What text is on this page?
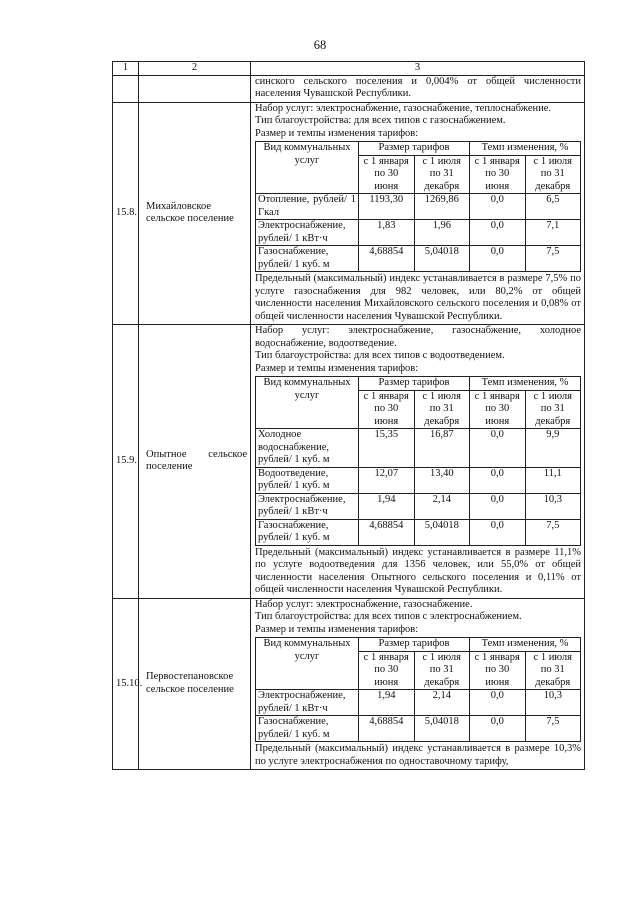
68
1	2	3

синского сельского поселения и 0,004% от общей численности
населения Чувашской Республики.

15.8.	Михайловское сельское поселение	
Набор услуг: электроснабжение, газоснабжение, теплоснабжение.
Тип благоустройства: для всех типов с газоснабжением.
Размер и темпы изменения тарифов:
Вид коммунальных услуг	Размер тарифов	Темп изменения, %
с 1 января по 30 июня	с 1 июля по 31 декабря	с 1 января по 30 июня	с 1 июля по 31 декабря
Отопление, рублей/ 1 Гкал	1193,30	1269,86	0,0	6,5
Электроснабжение, рублей/ 1 кВт·ч	1,83	1,96	0,0	7,1
Газоснабжение, рублей/ 1 куб. м	4,68854	5,04018	0,0	7,5
Предельный (максимальный) индекс устанавливается в размере 7,5% по услуге газоснабжения для 982 человек, или 80,2% от общей численности населения Михайловского сельского поселения и 0,08% от общей численности населения Чувашской Республики.

15.9.	Опытное сельское поселение	
Набор услуг: электроснабжение, газоснабжение, холодное водоснабжение, водоотведение.
Тип благоустройства: для всех типов с водоотведением.
Размер и темпы изменения тарифов:
Вид коммунальных услуг	Размер тарифов	Темп изменения, %
с 1 января по 30 июня	с 1 июля по 31 декабря	с 1 января по 30 июня	с 1 июля по 31 декабря
Холодное водоснабжение, рублей/ 1 куб. м	15,35	16,87	0,0	9,9
Водоотведение, рублей/ 1 куб. м	12,07	13,40	0,0	11,1
Электроснабжение, рублей/ 1 кВт·ч	1,94	2,14	0,0	10,3
Газоснабжение, рублей/ 1 куб. м	4,68854	5,04018	0,0	7,5
Предельный (максимальный) индекс устанавливается в размере 11,1% по услуге водоотведения для 1356 человек, или 55,0% от общей численности населения Опытного сельского поселения и 0,11% от общей численности населения Чувашской Республики.

15.10.	Первостепановское сельское поселение	
Набор услуг: электроснабжение, газоснабжение.
Тип благоустройства: для всех типов с электроснабжением.
Размер и темпы изменения тарифов:
Вид коммунальных услуг	Размер тарифов	Темп изменения, %
с 1 января по 30 июня	с 1 июля по 31 декабря	с 1 января по 30 июня	с 1 июля по 31 декабря
Электроснабжение, рублей/ 1 кВт·ч	1,94	2,14	0,0	10,3
Газоснабжение, рублей/ 1 куб. м	4,68854	5,04018	0,0	7,5
Предельный (максимальный) индекс устанавливается в размере 10,3% по услуге электроснабжения по одноставочному тарифу,
